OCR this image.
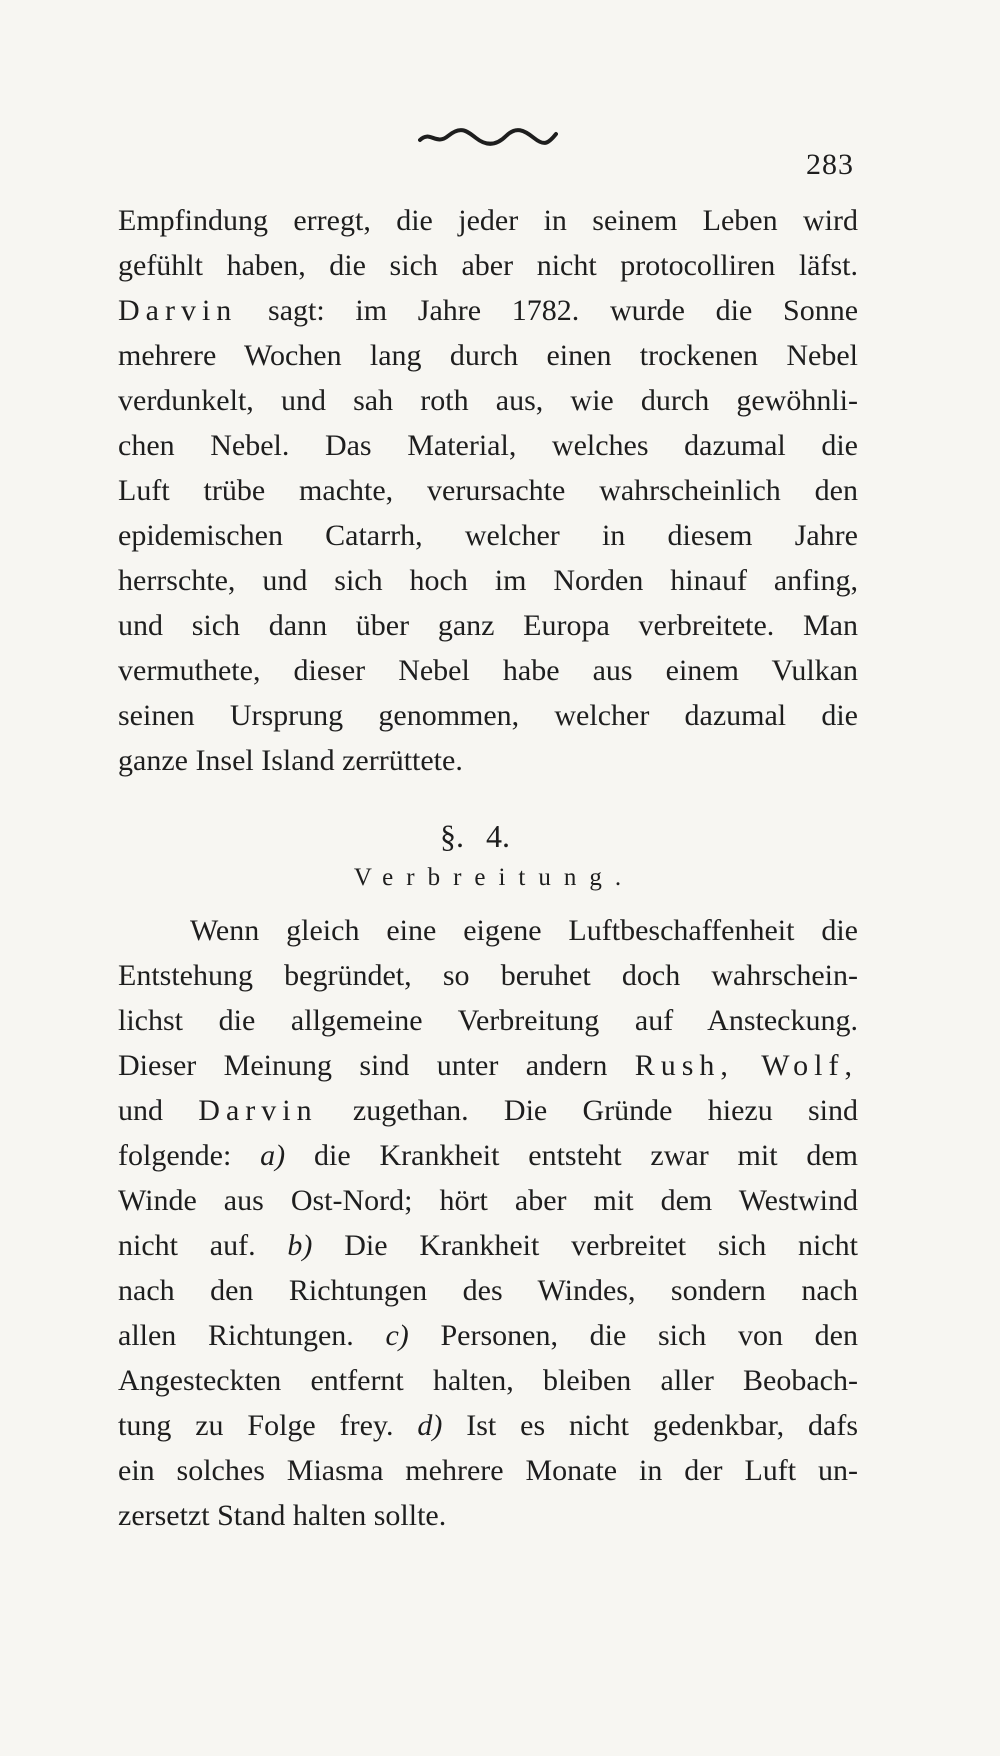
283
Empfindung erregt, die jeder in seinem Leben wird
gefühlt haben, die sich aber nicht protocolliren läfst.
Darvin sagt: im Jahre 1782. wurde die Sonne
mehrere Wochen lang durch einen trockenen Nebel
verdunkelt, und sah roth aus, wie durch gewöhnli-
chen Nebel. Das Material, welches dazumal die
Luft trübe machte, verursachte wahrscheinlich den
epidemischen Catarrh, welcher in diesem Jahre
herrschte, und sich hoch im Norden hinauf anfing,
und sich dann über ganz Europa verbreitete. Man
vermuthete, dieser Nebel habe aus einem Vulkan
seinen Ursprung genommen, welcher dazumal die
ganze Insel Island zerrüttete.
§. 4.
Verbreitung.
Wenn gleich eine eigene Luftbeschaffenheit die
Entstehung begründet, so beruhet doch wahrschein-
lichst die allgemeine Verbreitung auf Ansteckung.
Dieser Meinung sind unter andern Rush, Wolf,
und Darvin zugethan. Die Gründe hiezu sind
folgende: a) die Krankheit entsteht zwar mit dem
Winde aus Ost-Nord; hört aber mit dem Westwind
nicht auf. b) Die Krankheit verbreitet sich nicht
nach den Richtungen des Windes, sondern nach
allen Richtungen. c) Personen, die sich von den
Angesteckten entfernt halten, bleiben aller Beobach-
tung zu Folge frey. d) Ist es nicht gedenkbar, dafs
ein solches Miasma mehrere Monate in der Luft un-
zersetzt Stand halten sollte.
